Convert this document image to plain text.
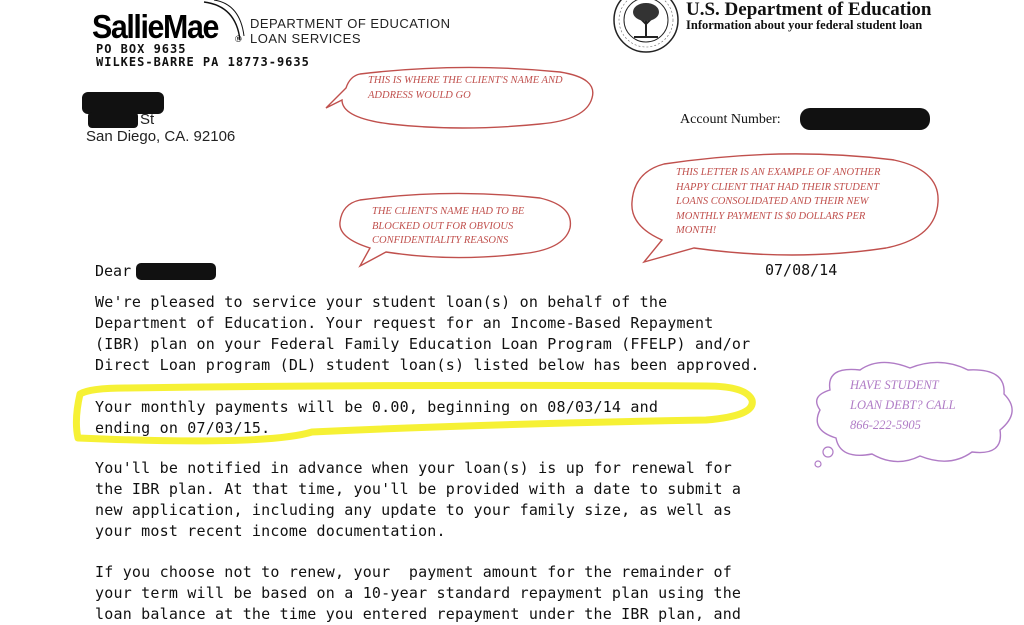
SallieMae ®
DEPARTMENT OF EDUCATION
LOAN SERVICES
PO BOX 9635
WILKES-BARRE PA 18773-9635
U.S. Department of Education
Information about your federal student loan
St
San Diego, CA. 92106
Account Number:
THIS IS WHERE THE CLIENT'S NAME AND ADDRESS WOULD GO
THE CLIENT'S NAME HAD TO BE BLOCKED OUT FOR OBVIOUS CONFIDENTIALITY REASONS
THIS LETTER IS AN EXAMPLE OF ANOTHER HAPPY CLIENT THAT HAD THEIR STUDENT LOANS CONSOLIDATED AND THEIR NEW MONTHLY PAYMENT IS $0 DOLLARS PER MONTH!
HAVE STUDENT
LOAN DEBT? CALL
866-222-5905
Dear	07/08/14
We're pleased to service your student loan(s) on behalf of the
Department of Education. Your request for an Income-Based Repayment
(IBR) plan on your Federal Family Education Loan Program (FFELP) and/or
Direct Loan program (DL) student loan(s) listed below has been approved.
Your monthly payments will be 0.00, beginning on 08/03/14 and
ending on 07/03/15.
You'll be notified in advance when your loan(s) is up for renewal for
the IBR plan. At that time, you'll be provided with a date to submit a
new application, including any update to your family size, as well as
your most recent income documentation.
If you choose not to renew, your  payment amount for the remainder of
your term will be based on a 10-year standard repayment plan using the
loan balance at the time you entered repayment under the IBR plan, and
